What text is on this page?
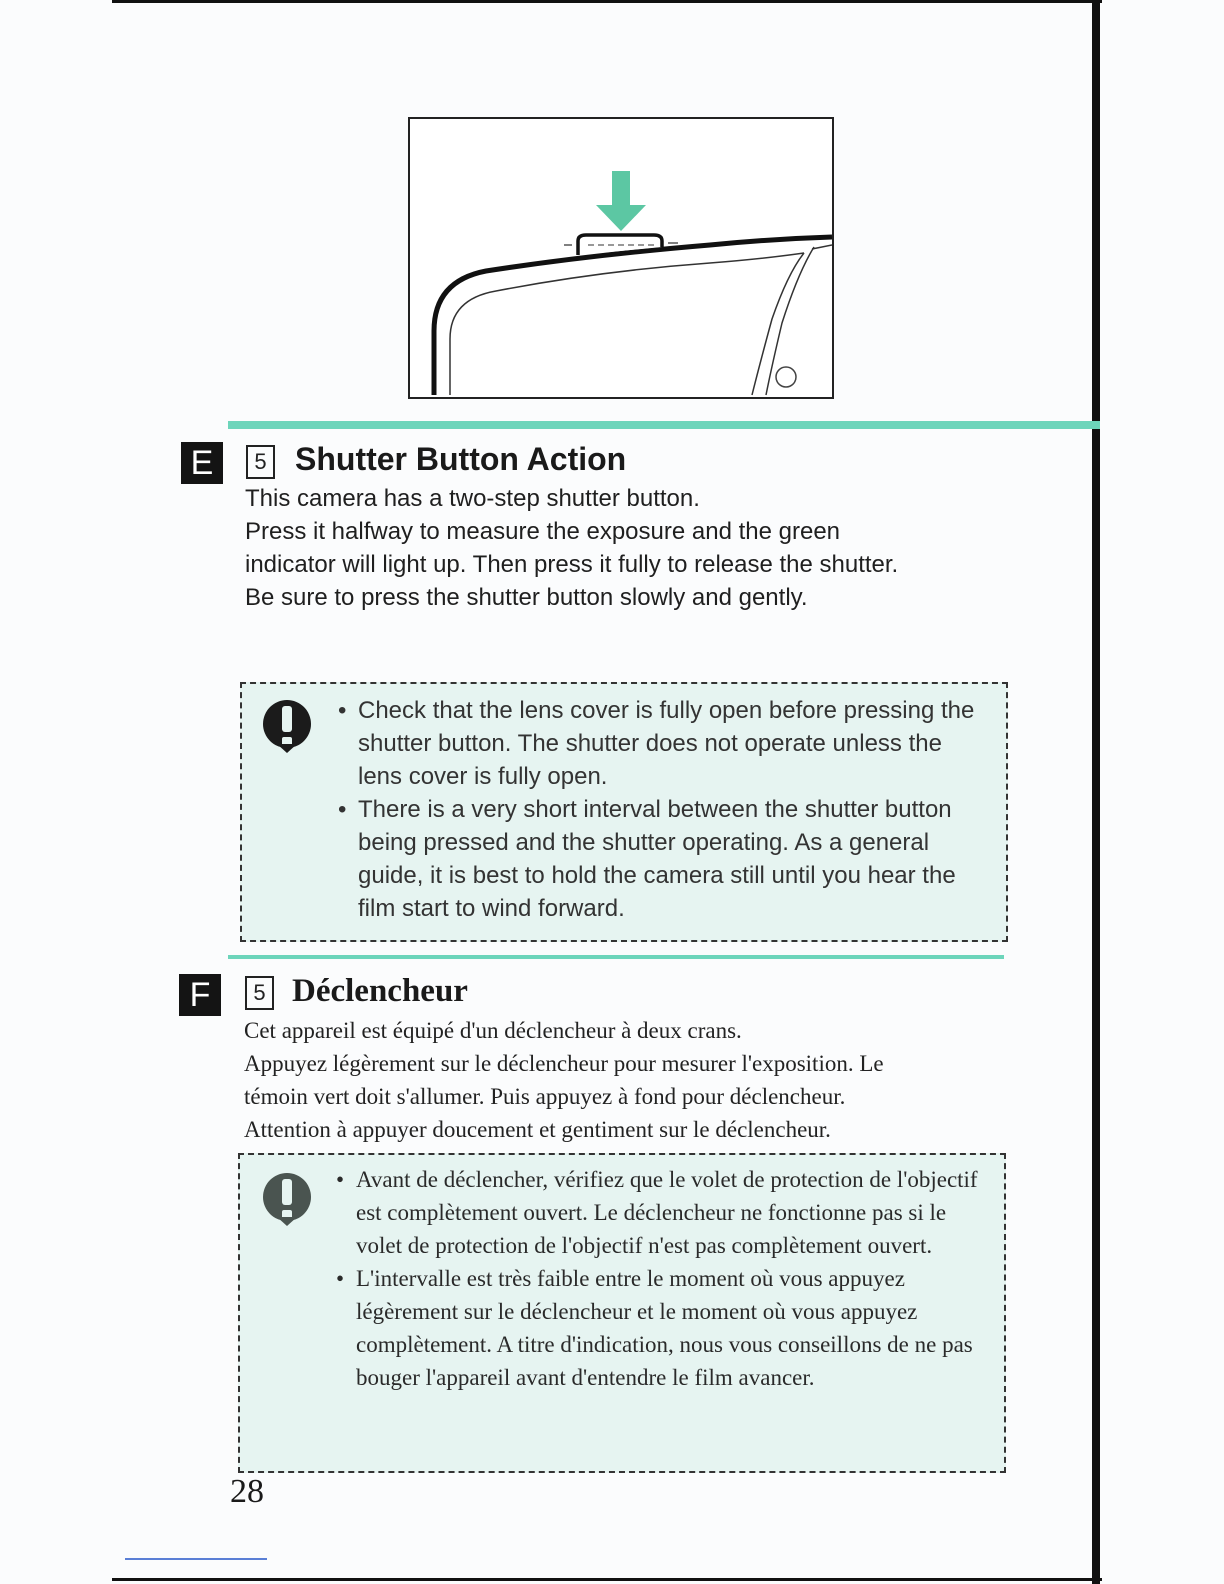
E	5 Shutter Button Action
This camera has a two-step shutter button.
Press it halfway to measure the exposure and the green
indicator will light up. Then press it fully to release the shutter.
Be sure to press the shutter button slowly and gently.
• Check that the lens cover is fully open before pressing the shutter button. The shutter does not operate unless the lens cover is fully open.
• There is a very short interval between the shutter button being pressed and the shutter operating. As a general guide, it is best to hold the camera still until you hear the film start to wind forward.
F	5 Déclencheur
Cet appareil est équipé d'un déclencheur à deux crans.
Appuyez légèrement sur le déclencheur pour mesurer l'exposition. Le
témoin vert doit s'allumer. Puis appuyez à fond pour déclencheur.
Attention à appuyer doucement et gentiment sur le déclencheur.
• Avant de déclencher, vérifiez que le volet de protection de l'objectif est complètement ouvert. Le déclencheur ne fonctionne pas si le volet de protection de l'objectif n'est pas complètement ouvert.
• L'intervalle est très faible entre le moment où vous appuyez légèrement sur le déclencheur et le moment où vous appuyez complètement. A titre d'indication, nous vous conseillons de ne pas bouger l'appareil avant d'entendre le film avancer.
28
